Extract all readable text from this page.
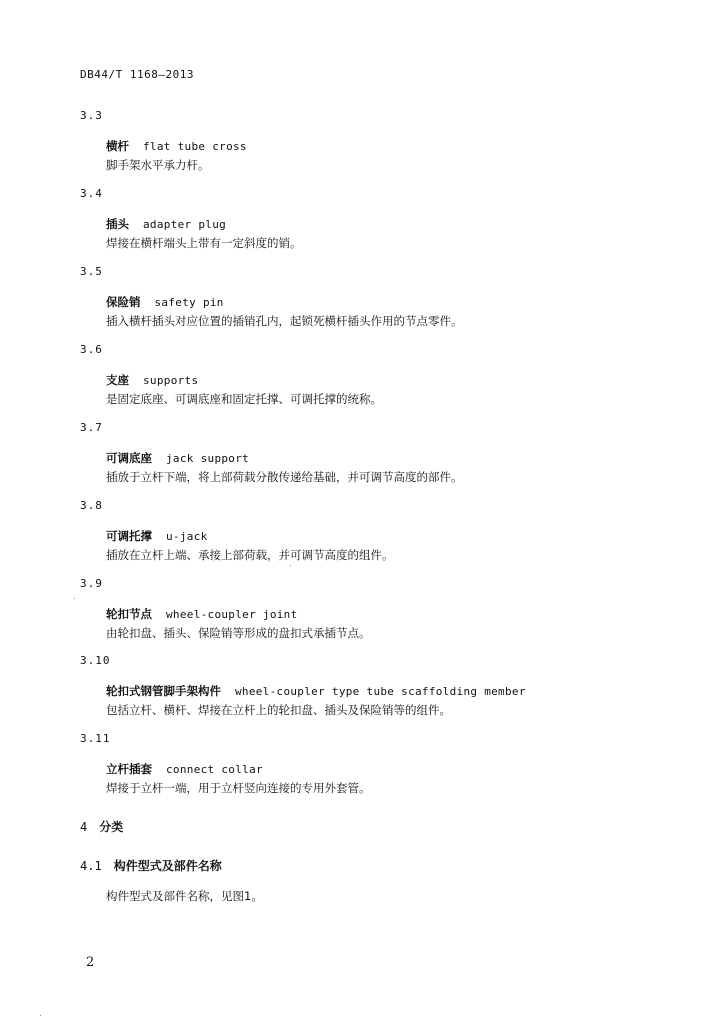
DB44/T 1168—2013
3.3
横杆 flat tube cross
脚手架水平承力杆。
3.4
插头 adapter plug
焊接在横杆端头上带有一定斜度的销。
3.5
保险销 safety pin
插入横杆插头对应位置的插销孔内，起锁死横杆插头作用的节点零件。
3.6
支座 supports
是固定底座、可调底座和固定托撑、可调托撑的统称。
3.7
可调底座 jack support
插放于立杆下端，将上部荷载分散传递给基础，并可调节高度的部件。
3.8
可调托撑 u-jack
插放在立杆上端、承接上部荷载，并可调节高度的组件。
3.9
轮扣节点 wheel-coupler joint
由轮扣盘、插头、保险销等形成的盘扣式承插节点。
3.10
轮扣式钢管脚手架构件 wheel-coupler type tube scaffolding member
包括立杆、横杆、焊接在立杆上的轮扣盘、插头及保险销等的组件。
3.11
立杆插套 connect collar
焊接于立杆一端，用于立杆竖向连接的专用外套管。
4 分类
4.1 构件型式及部件名称
构件型式及部件名称，见图1。
2
